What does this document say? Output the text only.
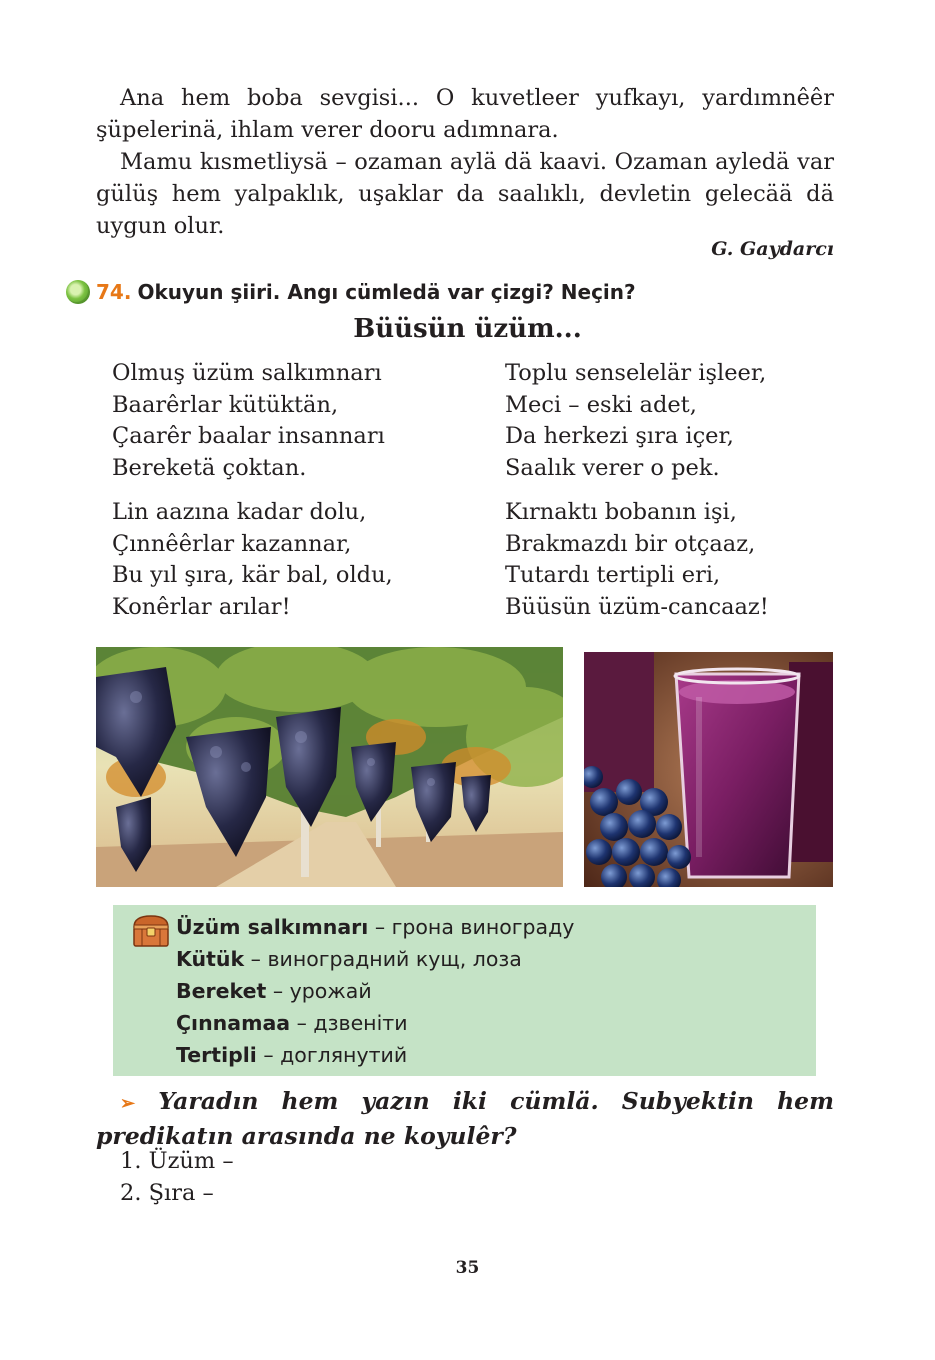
Ana hem boba sevgisi... O kuvetleer yufkayı, yardımnêêr şüpelerinä, ihlam verer dooru adımnara.

Mamu kısmetliysä – ozaman aylä dä kaavi. Ozaman ayledä var gülüş hem yalpaklık, uşaklar da saalıklı, devletin gelecää dä uygun olur.

G. Gaydarcı
74. Okuyun şiiri. Angı cümledä var çizgi? Neçin?
Büüsün üzüm...
Olmuş üzüm salkımnarı
Baarêrlar kütüktän,
Çaarêr baalar insannarı
Bereketä çoktan.
Toplu senselelär işleer,
Meci – eski adet,
Da herkezi şıra içer,
Saalık verer o pek.
Lin aazına kadar dolu,
Çınnêêrlar kazannar,
Bu yıl şıra, kär bal, oldu,
Konêrlar arılar!
Kırnaktı bobanın işi,
Brakmazdı bir otçaaz,
Tutardı tertipli eri,
Büüsün üzüm-cancaaz!
Üzüm salkımnarı – грона винограду
Kütük – виноградний кущ, лоза
Bereket – урожай
Çınnamaa – дзвеніти
Tertipli – доглянутий

➢ Yaradın hem yazın iki cümlä. Subyektin hem predikatın arasında ne koyulêr?

1. Üzüm –
2. Şıra –
35
